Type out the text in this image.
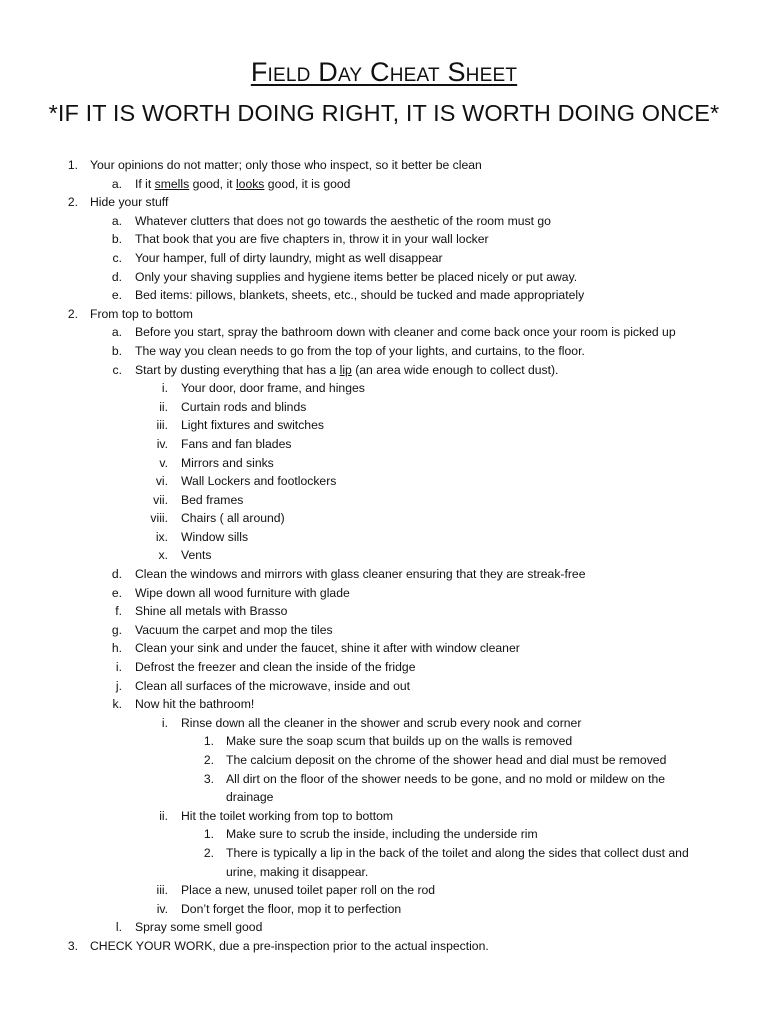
Field Day Cheat Sheet
*IF IT IS WORTH DOING RIGHT, IT IS WORTH DOING ONCE*
1. Your opinions do not matter; only those who inspect, so it better be clean
a. If it smells good, it looks good, it is good
2. Hide your stuff
a. Whatever clutters that does not go towards the aesthetic of the room must go
b. That book that you are five chapters in, throw it in your wall locker
c. Your hamper, full of dirty laundry, might as well disappear
d. Only your shaving supplies and hygiene items better be placed nicely or put away.
e. Bed items: pillows, blankets, sheets, etc., should be tucked and made appropriately
2. From top to bottom
a. Before you start, spray the bathroom down with cleaner and come back once your room is picked up
b. The way you clean needs to go from the top of your lights, and curtains, to the floor.
c. Start by dusting everything that has a lip (an area wide enough to collect dust).
i. Your door, door frame, and hinges
ii. Curtain rods and blinds
iii. Light fixtures and switches
iv. Fans and fan blades
v. Mirrors and sinks
vi. Wall Lockers and footlockers
vii. Bed frames
viii. Chairs ( all around)
ix. Window sills
x. Vents
d. Clean the windows and mirrors with glass cleaner ensuring that they are streak-free
e. Wipe down all wood furniture with glade
f. Shine all metals with Brasso
g. Vacuum the carpet and mop the tiles
h. Clean your sink and under the faucet, shine it after with window cleaner
i. Defrost the freezer and clean the inside of the fridge
j. Clean all surfaces of the microwave, inside and out
k. Now hit the bathroom!
i. Rinse down all the cleaner in the shower and scrub every nook and corner
1. Make sure the soap scum that builds up on the walls is removed
2. The calcium deposit on the chrome of the shower head and dial must be removed
3. All dirt on the floor of the shower needs to be gone, and no mold or mildew on the
drainage
ii. Hit the toilet working from top to bottom
1. Make sure to scrub the inside, including the underside rim
2. There is typically a lip in the back of the toilet and along the sides that collect dust and
urine, making it disappear.
iii. Place a new, unused toilet paper roll on the rod
iv. Don’t forget the floor, mop it to perfection
l. Spray some smell good
3. CHECK YOUR WORK, due a pre-inspection prior to the actual inspection.
